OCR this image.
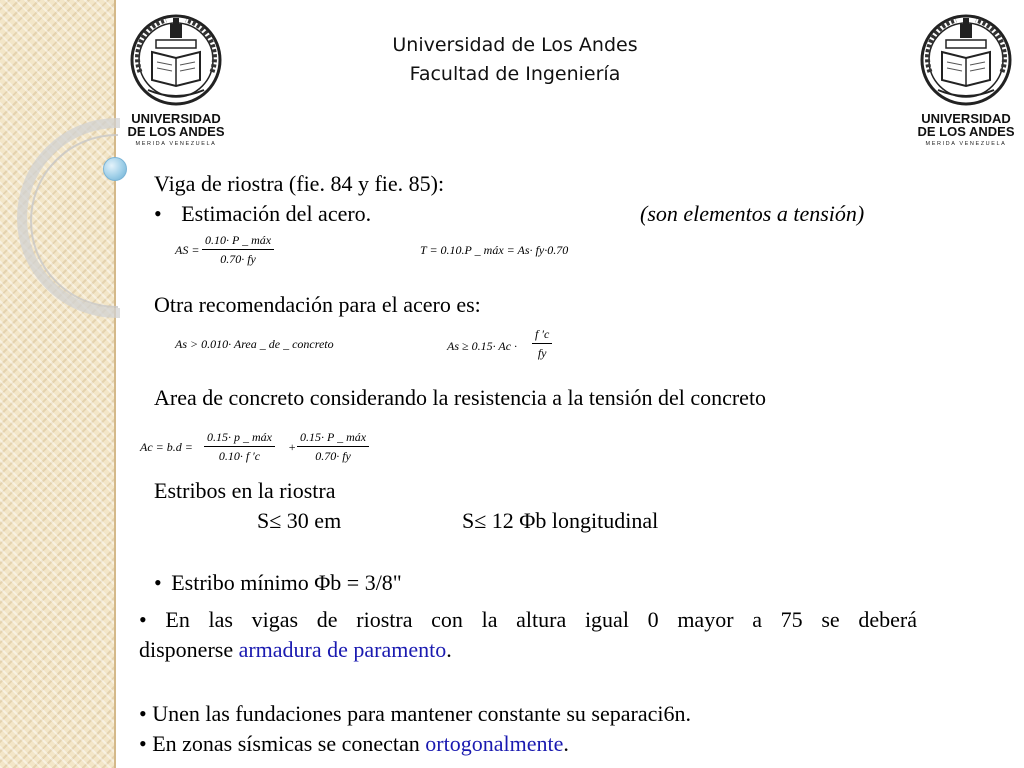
UNIVERSIDAD
DE LOS ANDES
MERIDA VENEZUELA
UNIVERSIDAD
DE LOS ANDES
MERIDA VENEZUELA
Universidad de Los Andes
Facultad de Ingeniería
Viga de riostra (fie. 84 y fie. 85):
• Estimación del acero.	(son elementos a tensión)
AS =
0.10· P _ máx
0.70· fy
T = 0.10.P _ máx = As· fy·0.70
Otra recomendación para el acero es:
As > 0.010· Area _ de _ concreto	$As \ge 0.15\cdot Ac \cdot \frac{f 'c}{fy}$
Area de concreto considerando la resistencia a la tensión del concreto
Ac = b.d =
0.15· p _ máx
0.10· f ′c
+
0.15· P _ máx
0.70· fy
Estribos en la riostra
S≤ 30 em	S≤ 12 Φb longitudinal
• Estribo mínimo Φb = 3/8"
• En las vigas de riostra con la altura igual 0 mayor a 75 se deberá
disponerse armadura de paramento.
• Unen las fundaciones para mantener constante su separaci6n.
• En zonas sísmicas se conectan ortogonalmente.
